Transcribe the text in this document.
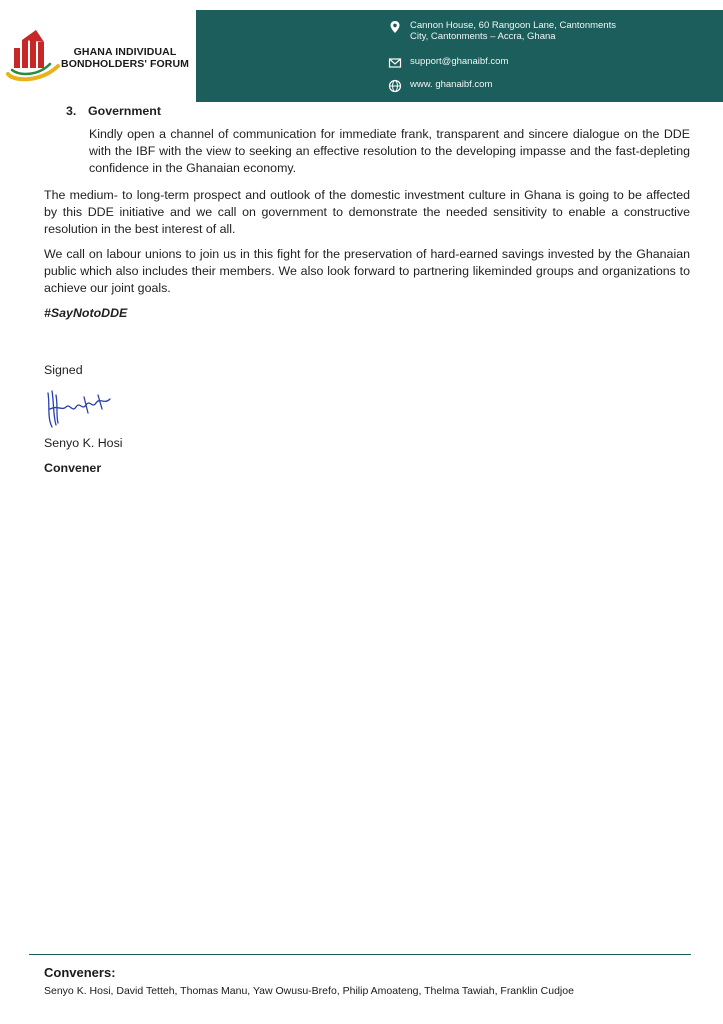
GHANA INDIVIDUAL
BONDHOLDERS' FORUM
Cannon House, 60 Rangoon Lane, Cantonments
City, Cantonments – Accra, Ghana
support@ghanaibf.com
www. ghanaibf.com
3. Government
Kindly open a channel of communication for immediate frank, transparent and sincere dialogue on the DDE with the IBF with the view to seeking an effective resolution to the developing impasse and the fast-depleting confidence in the Ghanaian economy.
The medium- to long-term prospect and outlook of the domestic investment culture in Ghana is going to be affected by this DDE initiative and we call on government to demonstrate the needed sensitivity to enable a constructive resolution in the best interest of all.
We call on labour unions to join us in this fight for the preservation of hard-earned savings invested by the Ghanaian public which also includes their members. We also look forward to partnering likeminded groups and organizations to achieve our joint goals.
#SayNotoDDE
Signed
Senyo K. Hosi
Convener
Conveners:
Senyo K. Hosi, David Tetteh, Thomas Manu, Yaw Owusu-Brefo, Philip Amoateng, Thelma Tawiah, Franklin Cudjoe
